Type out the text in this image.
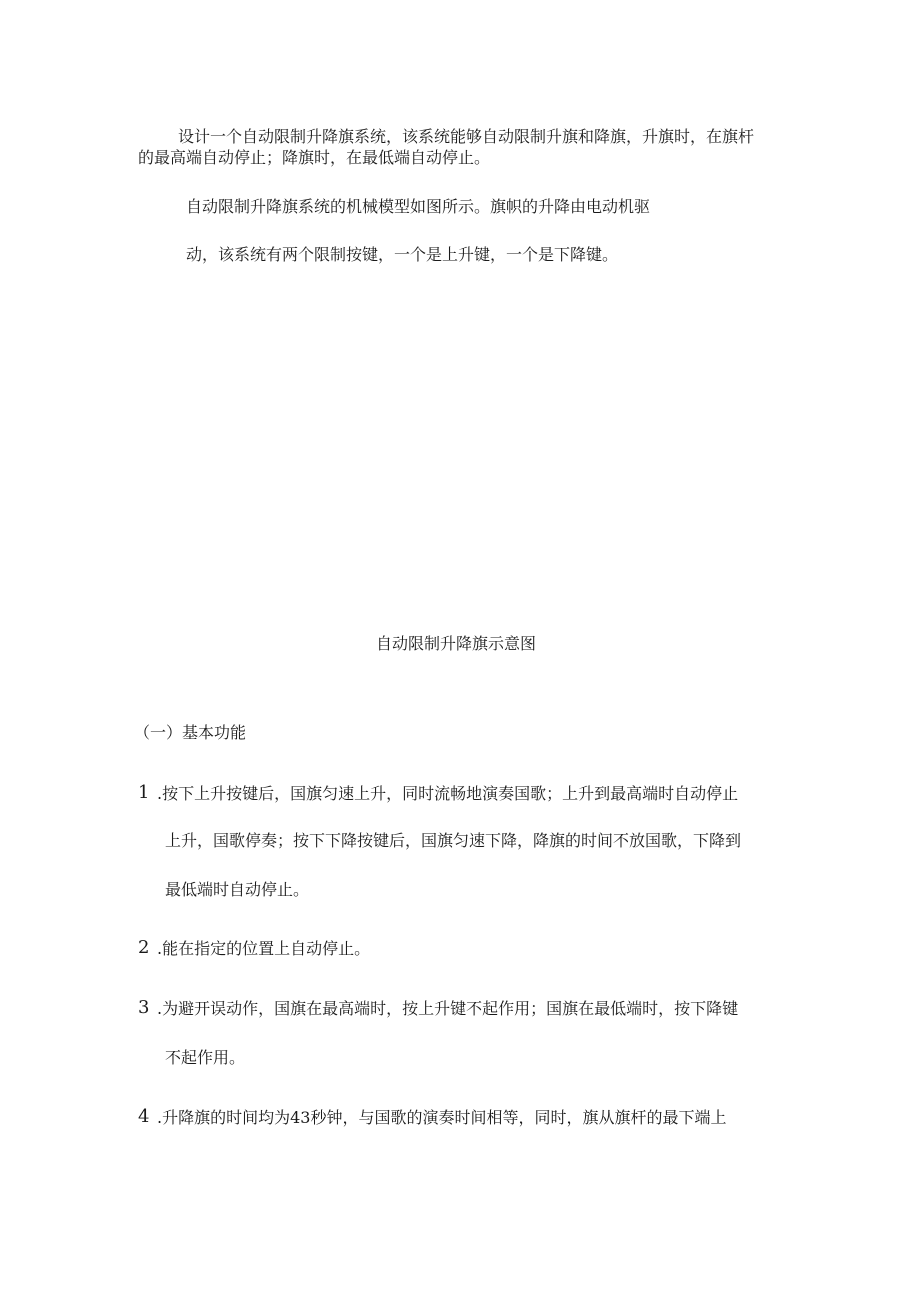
设计一个自动限制升降旗系统，该系统能够自动限制升旗和降旗，升旗时，在旗杆

的最高端自动停止；降旗时，在最低端自动停止。

自动限制升降旗系统的机械模型如图所示。旗帜的升降由电动机驱

动，该系统有两个限制按键，一个是上升键，一个是下降键。

自动限制升降旗示意图

（一）基本功能

1 .按下上升按键后，国旗匀速上升，同时流畅地演奏国歌；上升到最高端时自动停止

上升，国歌停奏；按下下降按键后，国旗匀速下降，降旗的时间不放国歌，下降到

最低端时自动停止。

2 .能在指定的位置上自动停止。

3 .为避开误动作，国旗在最高端时，按上升键不起作用；国旗在最低端时，按下降键

不起作用。

4 .升降旗的时间均为43秒钟，与国歌的演奏时间相等，同时，旗从旗杆的最下端上
